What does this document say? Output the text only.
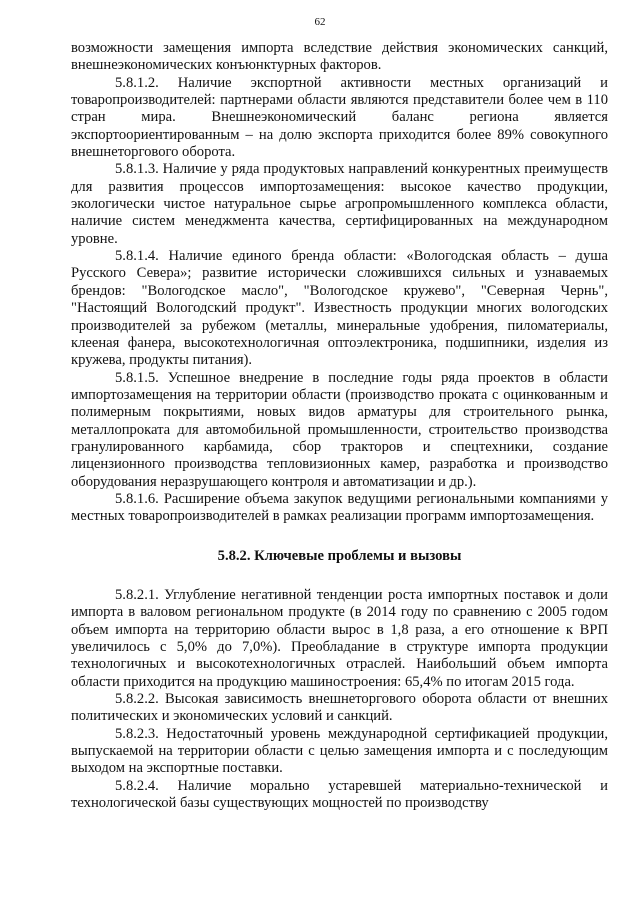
62

возможности замещения импорта вследствие действия экономических санкций, внешнеэкономических конъюнктурных факторов.

5.8.1.2. Наличие экспортной активности местных организаций и товаропроизводителей: партнерами области являются представители более чем в 110 стран мира. Внешнеэкономический баланс региона является экспортоориентированным – на долю экспорта приходится более 89% совокупного внешнеторгового оборота.

5.8.1.3. Наличие у ряда продуктовых направлений конкурентных преимуществ для развития процессов импортозамещения: высокое качество продукции, экологически чистое натуральное сырье агропромышленного комплекса области, наличие систем менеджмента качества, сертифицированных на международном уровне.

5.8.1.4. Наличие единого бренда области: «Вологодская область – душа Русского Севера»; развитие исторически сложившихся сильных и узнаваемых брендов: "Вологодское масло", "Вологодское кружево", "Северная Чернь", "Настоящий Вологодский продукт". Известность продукции многих вологодских производителей за рубежом (металлы, минеральные удобрения, пиломатериалы, клееная фанера, высокотехнологичная оптоэлектроника, подшипники, изделия из кружева, продукты питания).

5.8.1.5. Успешное внедрение в последние годы ряда проектов в области импортозамещения на территории области (производство проката с оцинкованным и полимерным покрытиями, новых видов арматуры для строительного рынка, металлопроката для автомобильной промышленности, строительство производства гранулированного карбамида, сбор тракторов и спецтехники, создание лицензионного производства тепловизионных камер, разработка и производство оборудования неразрушающего контроля и автоматизации и др.).

5.8.1.6. Расширение объема закупок ведущими региональными компаниями у местных товаропроизводителей в рамках реализации программ импортозамещения.

5.8.2. Ключевые проблемы и вызовы

5.8.2.1. Углубление негативной тенденции роста импортных поставок и доли импорта в валовом региональном продукте (в 2014 году по сравнению с 2005 годом объем импорта на территорию области вырос в 1,8 раза, а его отношение к ВРП увеличилось с 5,0% до 7,0%). Преобладание в структуре импорта продукции технологичных и высокотехнологичных отраслей. Наибольший объем импорта области приходится на продукцию машиностроения: 65,4% по итогам 2015 года.

5.8.2.2. Высокая зависимость внешнеторгового оборота области от внешних политических и экономических условий и санкций.

5.8.2.3. Недостаточный уровень международной сертификацией продукции, выпускаемой на территории области с целью замещения импорта и с последующим выходом на экспортные поставки.

5.8.2.4. Наличие морально устаревшей материально-технической и технологической базы существующих мощностей по производству
